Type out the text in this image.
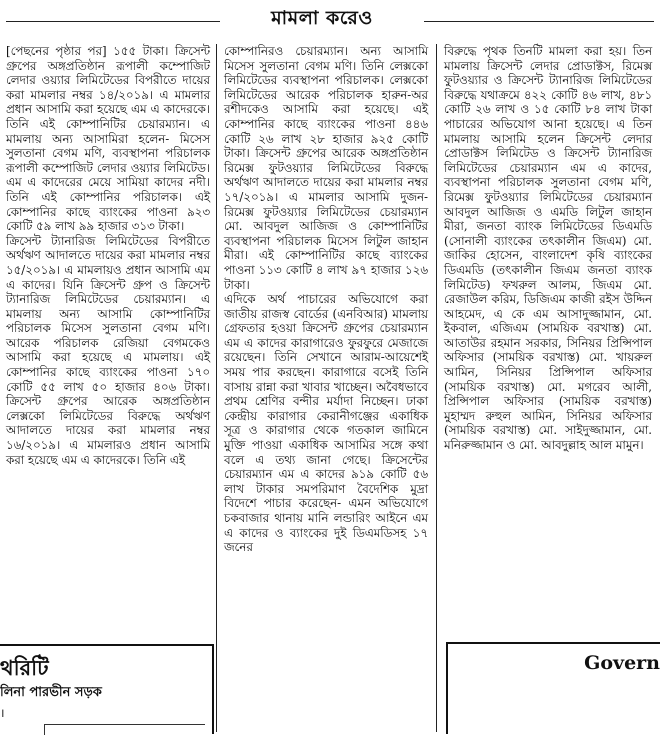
মামলা করেও

[পেছনের পৃষ্ঠার পর] ১৫৫ টাকা। ক্রিসেন্ট গ্রুপের অঙ্গপ্রতিষ্ঠান রূপালী কম্পোজিট লেদার ওয়্যার লিমিটেডের বিপরীতে দায়ের করা মামলার নম্বর ১৪/২০১৯। এ মামলার প্রধান আসামি করা হয়েছে এম এ কাদেরকে। তিনি এই কোম্পানিটির চেয়ারম্যান। এ মামলায় অন্য আসামিরা হলেন- মিসেস সুলতানা বেগম মণি, ব্যবস্থাপনা পরিচালক রূপালী কম্পোজিট লেদার ওয়্যার লিমিটেড। এম এ কাদেরের মেয়ে সামিয়া কাদের নদী। তিনি এই কোম্পানির পরিচালক। এই কোম্পানির কাছে ব্যাংকের পাওনা ৯২৩ কোটি ৫৯ লাখ ৯৯ হাজার ৩১৩ টাকা।

ক্রিসেন্ট ট্যানারিজ লিমিটেডের বিপরীতে অর্থঋণ আদালতে দায়ের করা মামলার নম্বর ১৫/২০১৯। এ মামলায়ও প্রধান আসামি এম এ কাদের। যিনি ক্রিসেন্ট গ্রুপ ও ক্রিসেন্ট ট্যানারিজ লিমিটেডের চেয়ারম্যান। এ মামলায় অন্য আসামি কোম্পানিটির পরিচালক মিসেস সুলতানা বেগম মণি। আরেক পরিচালক রেজিয়া বেগমকেও আসামি করা হয়েছে এ মামলায়। এই কোম্পানির কাছে ব্যাংকের পাওনা ১৭০ কোটি ৫৫ লাখ ৫০ হাজার ৪০৬ টাকা। ক্রিসেন্ট গ্রুপের আরেক অঙ্গপ্রতিষ্ঠান লেক্সকো লিমিটেডের বিরুদ্ধে অর্থঋণ আদালতে দায়ের করা মামলার নম্বর ১৬/২০১৯। এ মামলারও প্রধান আসামি করা হয়েছে এম এ কাদেরকে। তিনি এই

কোম্পানিরও চেয়ারম্যান। অন্য আসামি মিসেস সুলতানা বেগম মণি। তিনি লেক্সকো লিমিটেডের ব্যবস্থাপনা পরিচালক। লেক্সকো লিমিটেডের আরেক পরিচালক হারুন-অর রশীদকেও আসামি করা হয়েছে। এই কোম্পানির কাছে ব্যাংকের পাওনা ৪৪৬ কোটি ২৬ লাখ ২৮ হাজার ৯২৫ কোটি টাকা। ক্রিসেন্ট গ্রুপের আরেক অঙ্গপ্রতিষ্ঠান রিমেক্স ফুটওয়্যার লিমিটেডের বিরুদ্ধে অর্থঋণ আদালতে দায়ের করা মামলার নম্বর ১৭/২০১৯। এ মামলার আসামি দুজন- রিমেক্স ফুটওয়্যার লিমিটেডের চেয়ারম্যান মো. আবদুল আজিজ ও কোম্পানিটির ব্যবস্থাপনা পরিচালক মিসেস লিটুল জাহান মীরা। এই কোম্পানিটির কাছে ব্যাংকের পাওনা ১১৩ কোটি ৪ লাখ ৯৭ হাজার ১২৬ টাকা।

এদিকে অর্থ পাচারের অভিযোগে করা জাতীয় রাজস্ব বোর্ডের (এনবিআর) মামলায় গ্রেফতার হওয়া ক্রিসেন্ট গ্রুপের চেয়ারম্যান এম এ কাদের কারাগারেও ফুরফুরে মেজাজে রয়েছেন। তিনি সেখানে আরাম-আয়েশেই সময় পার করছেন। কারাগারে বসেই তিনি বাসায় রান্না করা খাবার খাচ্ছেন। অবৈধভাবে প্রথম শ্রেণির বন্দীর মর্যাদা নিচ্ছেন। ঢাকা কেন্দ্রীয় কারাগার কেরানীগঞ্জের একাধিক সূত্র ও কারাগার থেকে গতকাল জামিনে মুক্তি পাওয়া একাধিক আসামির সঙ্গে কথা বলে এ তথ্য জানা গেছে। ক্রিসেন্টের চেয়ারম্যান এম এ কাদের ৯১৯ কোটি ৫৬ লাখ টাকার সমপরিমাণ বৈদেশিক মুদ্রা বিদেশে পাচার করেছেন- এমন অভিযোগে চকবাজার থানায় মানি লন্ডারিং আইনে এম এ কাদের ও ব্যাংকের দুই ডিএমডিসহ ১৭ জনের

বিরুদ্ধে পৃথক তিনটি মামলা করা হয়। তিন মামলায় ক্রিসেন্ট লেদার প্রোডাক্টস, রিমেক্স ফুটওয়্যার ও ক্রিসেন্ট ট্যানারিজ লিমিটেডের বিরুদ্ধে যথাক্রমে ৪২২ কোটি ৪৬ লাখ, ৪৮১ কোটি ২৬ লাখ ও ১৫ কোটি ৮৪ লাখ টাকা পাচারের অভিযোগ আনা হয়েছে। এ তিন মামলায় আসামি হলেন ক্রিসেন্ট লেদার প্রোডাক্টস লিমিটেড ও ক্রিসেন্ট ট্যানারিজ লিমিটেডের চেয়ারম্যান এম এ কাদের, ব্যবস্থাপনা পরিচালক সুলতানা বেগম মণি, রিমেক্স ফুটওয়্যার লিমিটেডের চেয়ারম্যান আবদুল আজিজ ও এমডি লিটুল জাহান মীরা, জনতা ব্যাংক লিমিটেডের ডিএমডি (সোনালী ব্যাংকের তৎকালীন জিএম) মো. জাকির হোসেন, বাংলাদেশ কৃষি ব্যাংকের ডিএমডি (তৎকালীন জিএম জনতা ব্যাংক লিমিটেড) ফখরুল আলম, জিএম মো. রেজাউল করিম, ডিজিএম কাজী রইস উদ্দিন আহমেদ, এ কে এম আসাদুজ্জামান, মো. ইকবাল, এজিএম (সাময়িক বরখাস্ত) মো. আতাউর রহমান সরকার, সিনিয়র প্রিন্সিপাল অফিসার (সাময়িক বরখাস্ত) মো. খায়রুল আমিন, সিনিয়র প্রিন্সিপাল অফিসার (সাময়িক বরখাস্ত) মো. মগরেব আলী, প্রিন্সিপাল অফিসার (সাময়িক বরখাস্ত) মুহাম্মদ রুহুল আমিন, সিনিয়র অফিসার (সাময়িক বরখাস্ত) মো. সাইদুজ্জামান, মো. মনিরুজ্জামান ও মো. আবদুল্লাহ আল মামুন।

থরিটি
লিনা পারভীন সড়ক
।
Govern
